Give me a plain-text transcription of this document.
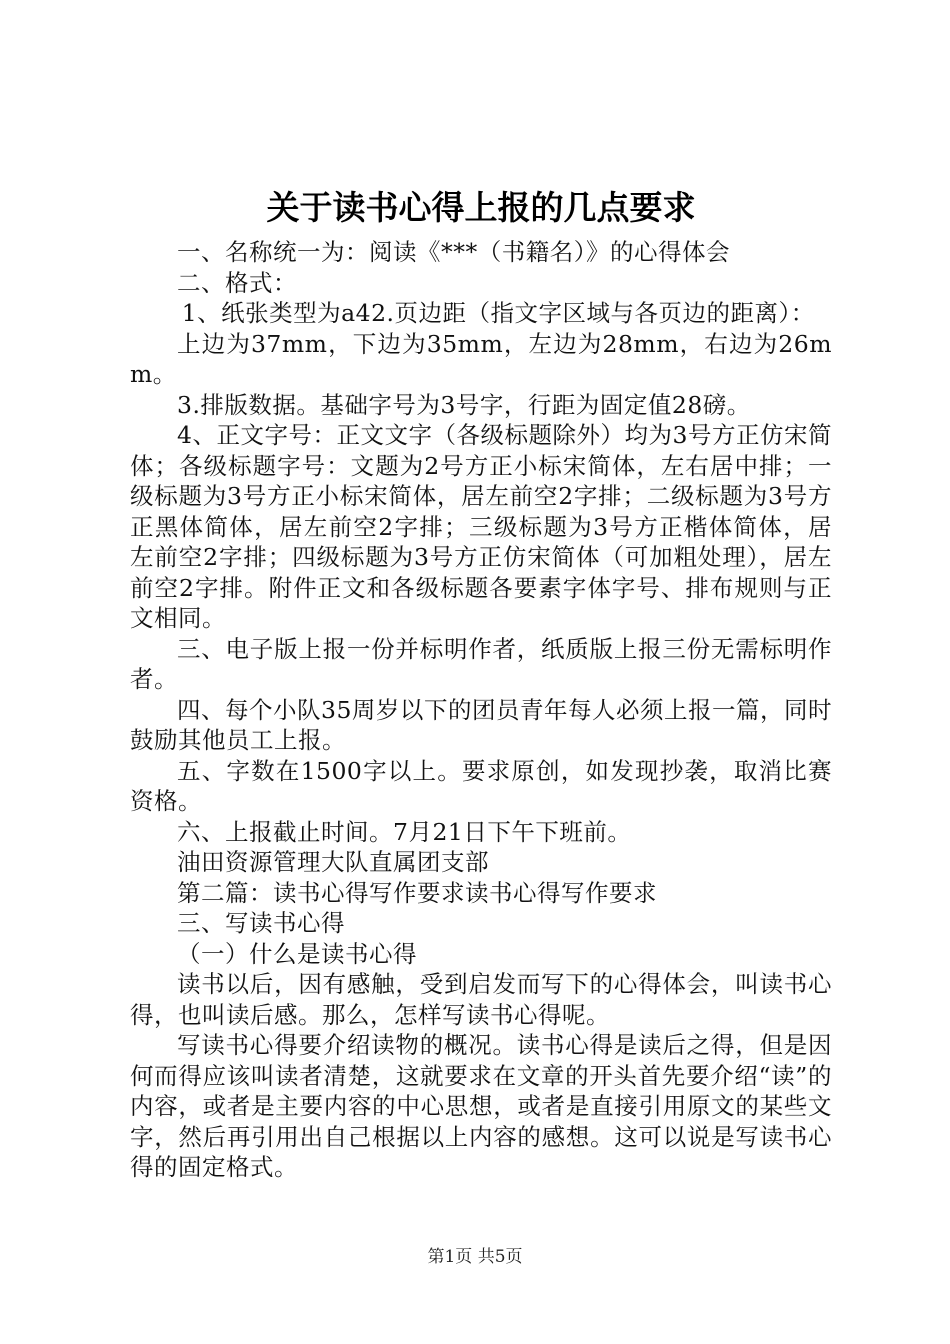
关于读书心得上报的几点要求

一、名称统一为：阅读《***（书籍名）》的心得体会

二、格式：

1、纸张类型为a42.页边距（指文字区域与各页边的距离）：

上边为37mm，下边为35mm，左边为28mm，右边为26mm。

3.排版数据。基础字号为3号字，行距为固定值28磅。

4、正文字号：正文文字（各级标题除外）均为3号方正仿宋简体；各级标题字号：文题为2号方正小标宋简体，左右居中排；一级标题为3号方正小标宋简体，居左前空2字排；二级标题为3号方正黑体简体，居左前空2字排；三级标题为3号方正楷体简体，居左前空2字排；四级标题为3号方正仿宋简体（可加粗处理），居左前空2字排。附件正文和各级标题各要素字体字号、排布规则与正文相同。

三、电子版上报一份并标明作者，纸质版上报三份无需标明作者。

四、每个小队35周岁以下的团员青年每人必须上报一篇，同时鼓励其他员工上报。

五、字数在1500字以上。要求原创，如发现抄袭，取消比赛资格。

六、上报截止时间。7月21日下午下班前。

油田资源管理大队直属团支部

第二篇：读书心得写作要求读书心得写作要求

三、写读书心得

（一）什么是读书心得

读书以后，因有感触，受到启发而写下的心得体会，叫读书心得，也叫读后感。那么，怎样写读书心得呢。

写读书心得要介绍读物的概况。读书心得是读后之得，但是因何而得应该叫读者清楚，这就要求在文章的开头首先要介绍“读”的内容，或者是主要内容的中心思想，或者是直接引用原文的某些文字，然后再引用出自己根据以上内容的感想。这可以说是写读书心得的固定格式。

第1页 共5页
